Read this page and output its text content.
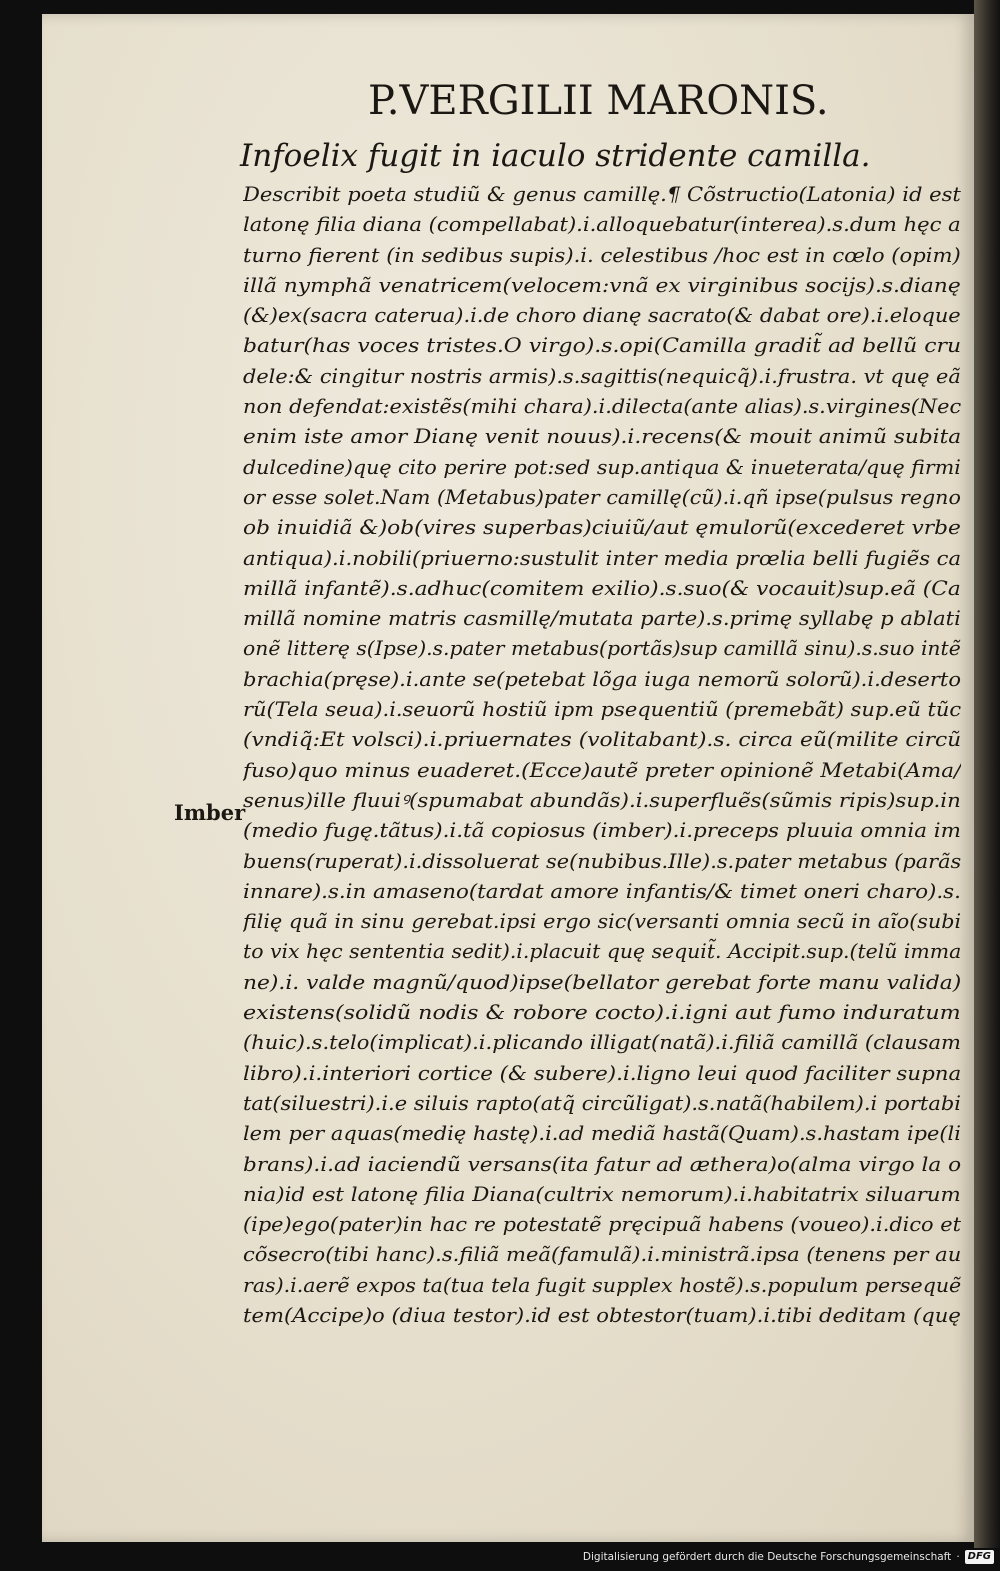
P.VERGILII MARONIS.
Infoelix fugit in iaculo stridente camilla.
Describit poeta studiũ & genus camillę.¶ Cõstructio(Latonia) id est
latonę filia diana (compellabat).i.alloquebatur(interea).s.dum hęc a
turno fierent (in sedibus supis).i. celestibus /hoc est in cœlo (opim)
illã nymphã venatricem(velocem:vnã ex virginibus socijs).s.dianę
(&)ex(sacra caterua).i.de choro dianę sacrato(& dabat ore).i.eloque
batur(has voces tristes.O virgo).s.opi(Camilla gradit̃ ad bellũ cru
dele:& cingitur nostris armis).s.sagittis(nequicq̃).i.frustra. vt quę eã
non defendat:existẽs(mihi chara).i.dilecta(ante alias).s.virgines(Nec
enim iste amor Dianę venit nouus).i.recens(& mouit animũ subita
dulcedine)quę cito perire pot:sed sup.antiqua & inueterata/quę firmi
or esse solet.Nam (Metabus)pater camillę(cũ).i.qñ ipse(pulsus regno
ob inuidiã &)ob(vires superbas)ciuiũ/aut ęmulorũ(excederet vrbe
antiqua).i.nobili(priuerno:sustulit inter media prœlia belli fugiẽs ca
millã infantẽ).s.adhuc(comitem exilio).s.suo(& vocauit)sup.eã (Ca
millã nomine matris casmillę/mutata parte).s.primę syllabę p ablati
onẽ litterę s(Ipse).s.pater metabus(portãs)sup camillã sinu).s.suo intẽ
brachia(pręse).i.ante se(petebat lõga iuga nemorũ solorũ).i.deserto
rũ(Tela seua).i.seuorũ hostiũ ipm psequentiũ (premebãt) sup.eũ tũc
(vndiq̃:Et volsci).i.priuernates (volitabant).s. circa eũ(milite circũ
fuso)quo minus euaderet.(Ecce)autẽ preter opinionẽ Metabi(Ama/
senus)ille fluuiꝰ(spumabat abundãs).i.superfluẽs(sũmis ripis)sup.in
(medio fugę.tãtus).i.tã copiosus (imber).i.preceps pluuia omnia im
buens(ruperat).i.dissoluerat se(nubibus.Ille).s.pater metabus (parãs
innare).s.in amaseno(tardat amore infantis/& timet oneri charo).s.
filię quã in sinu gerebat.ipsi ergo sic(versanti omnia secũ in aĩo(subi
to vix hęc sententia sedit).i.placuit quę sequit̃. Accipit.sup.(telũ imma
ne).i. valde magnũ/quod)ipse(bellator gerebat forte manu valida)
existens(solidũ nodis & robore cocto).i.igni aut fumo induratum
(huic).s.telo(implicat).i.plicando illigat(natã).i.filiã camillã (clausam
libro).i.interiori cortice (& subere).i.ligno leui quod faciliter supna
tat(siluestri).i.e siluis rapto(atq̃ circũligat).s.natã(habilem).i portabi
lem per aquas(medię hastę).i.ad mediã hastã(Quam).s.hastam ipe(li
brans).i.ad iaciendũ versans(ita fatur ad æthera)o(alma virgo la o
nia)id est latonę filia Diana(cultrix nemorum).i.habitatrix siluarum
(ipe)ego(pater)in hac re potestatẽ pręcipuã habens (voueo).i.dico et
cõsecro(tibi hanc).s.filiã meã(famulã).i.ministrã.ipsa (tenens per au
ras).i.aerẽ expos ta(tua tela fugit supplex hostẽ).s.populum persequẽ
tem(Accipe)o (diua testor).id est obtestor(tuam).i.tibi deditam (quę
Imber
Digitalisierung gefördert durch die Deutsche Forschungsgemeinschaft · DFG
